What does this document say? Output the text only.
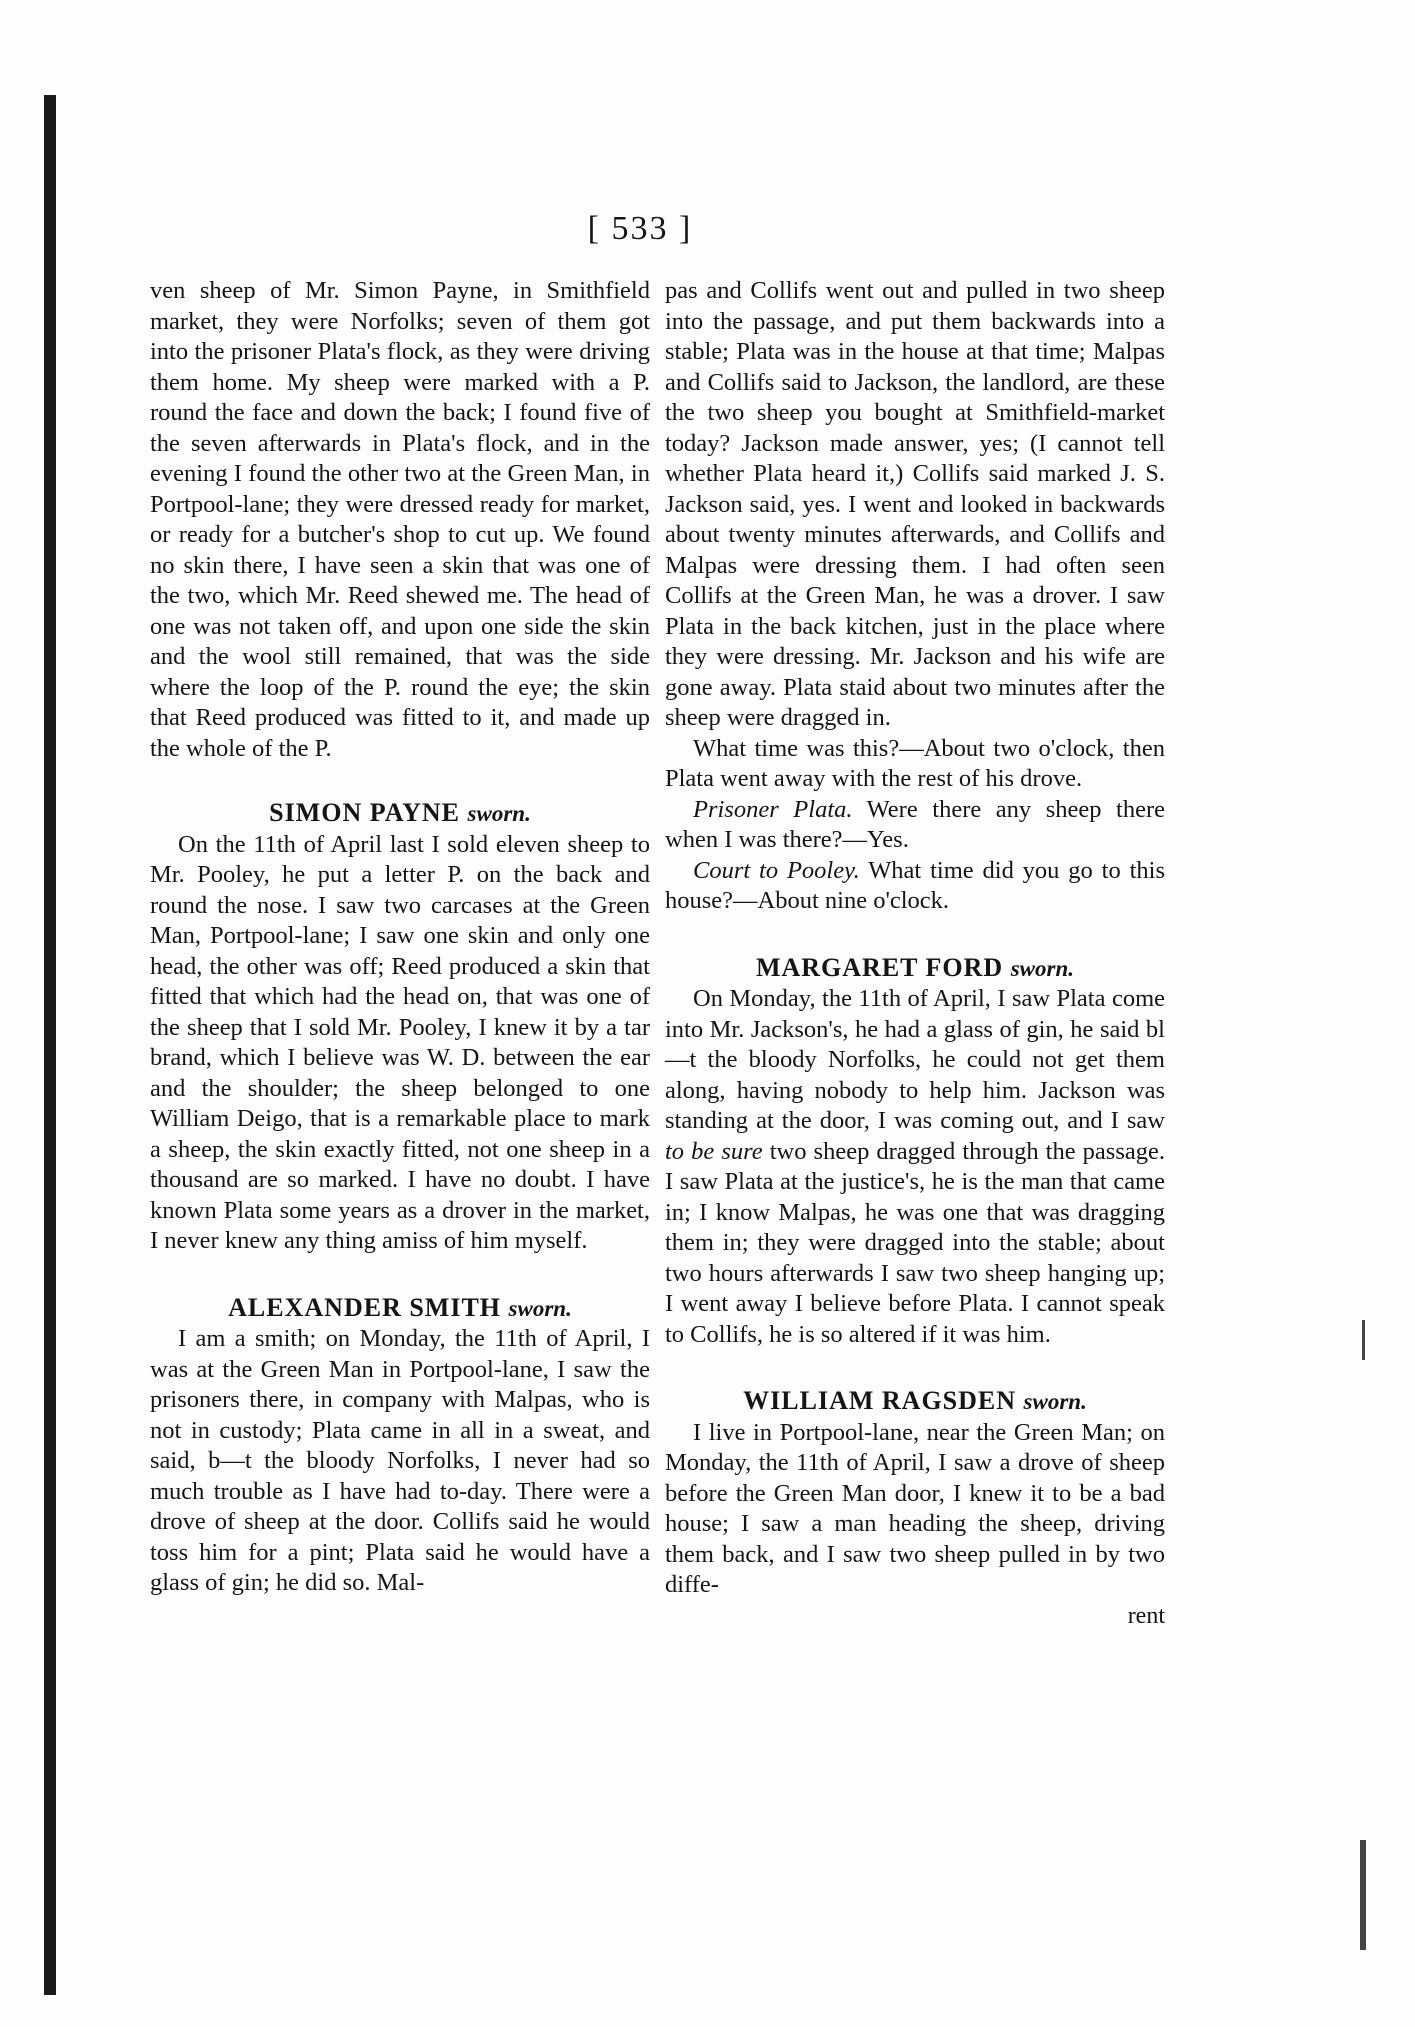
[ 533 ]

ven sheep of Mr. Simon Payne, in Smithfield market, they were Norfolks; seven of them got into the prisoner Plata's flock, as they were driving them home. My sheep were marked with a P. round the face and down the back; I found five of the seven afterwards in Plata's flock, and in the evening I found the other two at the Green Man, in Portpool-lane; they were dressed ready for market, or ready for a butcher's shop to cut up. We found no skin there, I have seen a skin that was one of the two, which Mr. Reed shewed me. The head of one was not taken off, and upon one side the skin and the wool still remained, that was the side where the loop of the P. round the eye; the skin that Reed produced was fitted to it, and made up the whole of the P.

SIMON PAYNE sworn.

On the 11th of April last I sold eleven sheep to Mr. Pooley, he put a letter P. on the back and round the nose. I saw two carcases at the Green Man, Portpool-lane; I saw one skin and only one head, the other was off; Reed produced a skin that fitted that which had the head on, that was one of the sheep that I sold Mr. Pooley, I knew it by a tar brand, which I believe was W. D. between the ear and the shoulder; the sheep belonged to one William Deigo, that is a remarkable place to mark a sheep, the skin exactly fitted, not one sheep in a thousand are so marked. I have no doubt. I have known Plata some years as a drover in the market, I never knew any thing amiss of him myself.

ALEXANDER SMITH sworn.

I am a smith; on Monday, the 11th of April, I was at the Green Man in Portpool-lane, I saw the prisoners there, in company with Malpas, who is not in custody; Plata came in all in a sweat, and said, b—t the bloody Norfolks, I never had so much trouble as I have had to-day. There were a drove of sheep at the door. Collifs said he would toss him for a pint; Plata said he would have a glass of gin; he did so. Mal-

pas and Collifs went out and pulled in two sheep into the passage, and put them backwards into a stable; Plata was in the house at that time; Malpas and Collifs said to Jackson, the landlord, are these the two sheep you bought at Smithfield-market today? Jackson made answer, yes; (I cannot tell whether Plata heard it,) Collifs said marked J. S. Jackson said, yes. I went and looked in backwards about twenty minutes afterwards, and Collifs and Malpas were dressing them. I had often seen Collifs at the Green Man, he was a drover. I saw Plata in the back kitchen, just in the place where they were dressing. Mr. Jackson and his wife are gone away. Plata staid about two minutes after the sheep were dragged in.

What time was this?—About two o'clock, then Plata went away with the rest of his drove.

Prisoner Plata. Were there any sheep there when I was there?—Yes.

Court to Pooley. What time did you go to this house?—About nine o'clock.

MARGARET FORD sworn.

On Monday, the 11th of April, I saw Plata come into Mr. Jackson's, he had a glass of gin, he said bl—t the bloody Norfolks, he could not get them along, having nobody to help him. Jackson was standing at the door, I was coming out, and I saw to be sure two sheep dragged through the passage. I saw Plata at the justice's, he is the man that came in; I know Malpas, he was one that was dragging them in; they were dragged into the stable; about two hours afterwards I saw two sheep hanging up; I went away I believe before Plata. I cannot speak to Collifs, he is so altered if it was him.

WILLIAM RAGSDEN sworn.

I live in Portpool-lane, near the Green Man; on Monday, the 11th of April, I saw a drove of sheep before the Green Man door, I knew it to be a bad house; I saw a man heading the sheep, driving them back, and I saw two sheep pulled in by two diffe-

rent
